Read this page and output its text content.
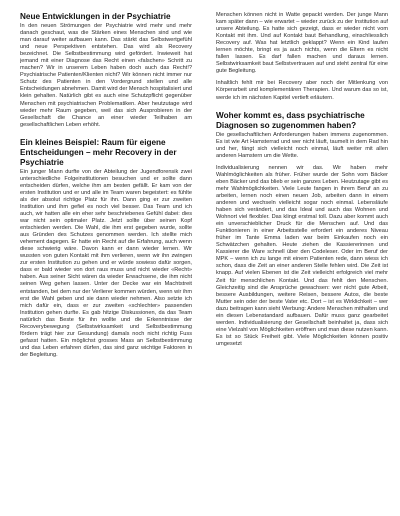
Neue Entwicklungen in der Psychiatrie

In den neuen Strömungen der Psychiatrie wird mehr und mehr danach geschaut, was die Stärken eines Menschen sind und wie man darauf weiter aufbauen kann. Das stärkt das Selbstwertgefühl und neue Perspektiven entstehen. Das wird als Recovery bezeichnet. Die Selbstbestimmung wird gefördert. Inwieweit hat jemand mit einer Diagnose das Recht einen «falschen» Schritt zu machen? Wir in unserem Leben haben doch auch das Recht!? Psychiatrische Patienten/Klienten nicht? Wir können nicht immer nur Schutz des Patienten in den Vordergrund stellen und alle Entscheidungen abnehmen. Damit wird der Mensch hospitalisiert und klein gehalten. Natürlich gibt es auch eine Schutzpflicht gegenüber Menschen mit psychiatrischen Problematiken. Aber heutzutage wird wieder mehr Raum gegeben, weil das sich Ausprobieren in der Gesellschaft die Chance an einer wieder Teilhaben am gesellschaftlichen Leben erhöht.

Ein kleines Beispiel: Raum für eigene Entscheidungen – mehr Recovery in der Psychiatrie

Ein junger Mann durfte von der Abteilung der Jugendforensik zwei unterschiedliche Folgeinstitutionen besuchen und er sollte dann entscheiden dürfen, welche ihm am besten gefällt. Er kam von der ersten Institution und er und alle im Team waren begeistert: es fühlte als der absolut richtige Platz für ihn. Dann ging er zur zweiten Institution und ihm gefiel es noch viel besser. Das Team und ich auch, wir hatten alle ein eher sehr beschriebenes Gefühl dabei: dies war nicht sein optimaler Platz. Jetzt sollte über seinen Kopf entschieden werden. Die Wahl, die ihm erst gegeben wurde, sollte aus Gründen des Schutzes genommen werden. Ich stellte mich vehement dagegen. Er hatte ein Recht auf die Erfahrung, auch wenn diese schwierig wäre. Davon kann er dann wieder lernen. Wir wussten von guten Kontakt mit ihm verlieren, wenn wir ihn zwingen zur ersten Institution zu gehen und er würde sowieso dafür sorgen, dass er bald wieder von dort raus muss und nicht wieder «Recht» haben. Aus seiner Sicht wären da wieder Erwachsene, die ihm nicht seinen Weg gehen lassen. Unter der Decke war ein Machtstreit entstanden, bei dem nur der Verlierer kommen würden, wenn wir ihm erst die Wahl geben und sie dann wieder nehmen. Also setzte ich mich dafür ein, dass er zur zweiten «schlechter» passenden Institution gehen durfte. Es gab hitzige Diskussionen, da das Team natürlich das Beste für ihn wollte und die Erkenntnisse der Recoverybewegung (Selbstwirksamkeit und Selbstbestimmung fördern trägt hier zur Gesundung) damals noch nicht richtig Fuss gefasst hatten. Ein möglichst grosses Mass an Selbstbestimmung und das Leben erfahren dürfen, das sind ganz wichtige Faktoren in der Begleitung.

Menschen können nicht in Watte gepackt werden. Der junge Mann kam später dann – wie erwartet – wieder zurück zu der Institution auf unsere Abteilung. Es hatte sich gezeigt, dass er wieder nicht vom Kontakt mit ihm. Und auf Kontakt baut Behandlung, einschliesslich Recovery auf. Was hat letztlich geklappt? Wenn ein Kind laufen lernen möchte, bringt es ja auch nichts, wenn die Eltern es nicht fallen lassen. Es darf fallen machen und daraus lernen. Selbstwirksamkeit baut Selbstvertrauen auf und steht zentral für eine gute Begleitung.

Inhaltlich fehlt mir bei Recovery aber noch der Mitlenkung von Körperarbeit und komplementären Therapien. Und warum das so ist, werde ich im nächsten Kapitel vertieft erläutern.

Woher kommt es, dass psychiatrische Diagnosen so zugenommen haben?

Die gesellschaftlichen Anforderungen haben immens zugenommen. Es ist wie Art Hamsterrad und wer nicht läuft, taumelt in dem Rad hin und her, fängt sich vielleicht noch einmal, läuft weiter mit allen anderen Hamstern um die Wette.

Individualisierung nennen wir das. Wir haben mehr Wahlmöglichkeiten als früher. Früher wurde der Sohn vom Bäcker eben Bäcker und das blieb er sein ganzes Leben. Heutzutage gibt es mehr Wahlmöglichkeiten. Viele Leute fangen in ihrem Beruf an zu arbeiten, lernen noch einen neuen Job, arbeiten dann in einem anderen und wechseln vielleicht sogar noch einmal. Lebensläufe haben sich verändert, und das Ideal und auch das Wohnen und Wohnort viel flexibler. Das klingt erstmal toll. Dazu aber kommt auch ein unverschieblicher Druck für die Menschen auf. Und das Funktionieren in einer Arbeitsstelle erfordert ein anderes Niveau früher im Tante Emma laden war beim Einkaufen noch ein Schwätzchen gehalten. Heute ziehen die Kassiererinnen und Kassierer die Ware schnell über den Codeleser. Oder im Beruf der MPK – wenn ich zu lange mit einem Patienten rede, dann wiess ich schon, dass die Zeit an einer anderen Stelle fehlen wird. Die Zeit ist knapp. Auf vielen Ebenen ist die Zeit vielleicht erfolgreich viel mehr Zeit für menschlichen Kontakt. Und das fehlt den Menschen. Gleichzeitig sind die Ansprüche gewachsen: wer nicht gute Arbeit, bessere Ausbildungen, weitere Reisen, bessere Autos, die beste Mutter sein oder der beste Vater etc. Dort – ist es Wirklichkeit – wer dazu beitragen kann sieht Werbung: Andere Menschen mithalten und ein diesen Lebenstandard aufbauen. Dafür muss ganz gearbeitet werden. Individualisierung der Gesellschaft beinhaltet ja, dass sich eine Vielzahl von Möglichkeiten eröffnen und man diese nutzen kann. Es ist so Stück Freiheit gibt. Viele Möglichkeiten können positiv umgesetzt
